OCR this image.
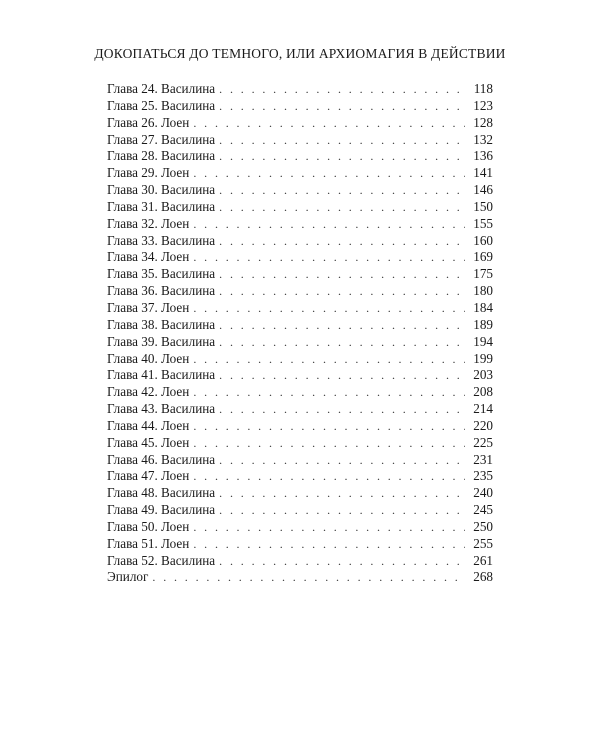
ДОКОПАТЬСЯ ДО ТЕМНОГО, ИЛИ АРХИОМАГИЯ В ДЕЙСТВИИ
Глава 24. Василина . . .	118
Глава 25. Василина . . .	123
Глава 26. Лоен . . .	128
Глава 27. Василина . . .	132
Глава 28. Василина . . .	136
Глава 29. Лоен . . .	141
Глава 30. Василина . . .	146
Глава 31. Василина . . .	150
Глава 32. Лоен . . .	155
Глава 33. Василина . . .	160
Глава 34. Лоен . . .	169
Глава 35. Василина . . .	175
Глава 36. Василина . . .	180
Глава 37. Лоен . . .	184
Глава 38. Василина . . .	189
Глава 39. Василина . . .	194
Глава 40. Лоен . . .	199
Глава 41. Василина . . .	203
Глава 42. Лоен . . .	208
Глава 43. Василина . . .	214
Глава 44. Лоен . . .	220
Глава 45. Лоен . . .	225
Глава 46. Василина . . .	231
Глава 47. Лоен . . .	235
Глава 48. Василина . . .	240
Глава 49. Василина . . .	245
Глава 50. Лоен . . .	250
Глава 51. Лоен . . .	255
Глава 52. Василина . . .	261
Эпилог . . .	268
